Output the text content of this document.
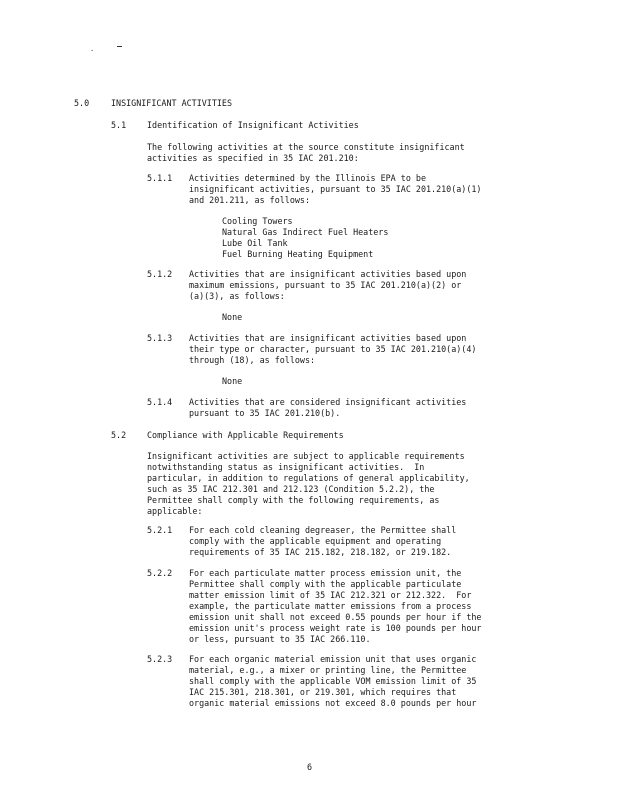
.
5.0	INSIGNIFICANT ACTIVITIES
5.1 Identification of Insignificant Activities
The following activities at the source constitute insignificant
activities as specified in 35 IAC 201.210:
5.1.1 Activities determined by the Illinois EPA to be
insignificant activities, pursuant to 35 IAC 201.210(a)(1)
and 201.211, as follows:
Cooling Towers
Natural Gas Indirect Fuel Heaters
Lube Oil Tank
Fuel Burning Heating Equipment
5.1.2 Activities that are insignificant activities based upon
maximum emissions, pursuant to 35 IAC 201.210(a)(2) or
(a)(3), as follows:
None
5.1.3 Activities that are insignificant activities based upon
their type or character, pursuant to 35 IAC 201.210(a)(4)
through (18), as follows:
None
5.1.4 Activities that are considered insignificant activities
pursuant to 35 IAC 201.210(b).
5.2 Compliance with Applicable Requirements
Insignificant activities are subject to applicable requirements
notwithstanding status as insignificant activities.  In
particular, in addition to regulations of general applicability,
such as 35 IAC 212.301 and 212.123 (Condition 5.2.2), the
Permittee shall comply with the following requirements, as
applicable:
5.2.1 For each cold cleaning degreaser, the Permittee shall
comply with the applicable equipment and operating
requirements of 35 IAC 215.182, 218.182, or 219.182.
5.2.2 For each particulate matter process emission unit, the
Permittee shall comply with the applicable particulate
matter emission limit of 35 IAC 212.321 or 212.322.  For
example, the particulate matter emissions from a process
emission unit shall not exceed 0.55 pounds per hour if the
emission unit's process weight rate is 100 pounds per hour
or less, pursuant to 35 IAC 266.110.
5.2.3 For each organic material emission unit that uses organic
material, e.g., a mixer or printing line, the Permittee
shall comply with the applicable VOM emission limit of 35
IAC 215.301, 218.301, or 219.301, which requires that
organic material emissions not exceed 8.0 pounds per hour
6
